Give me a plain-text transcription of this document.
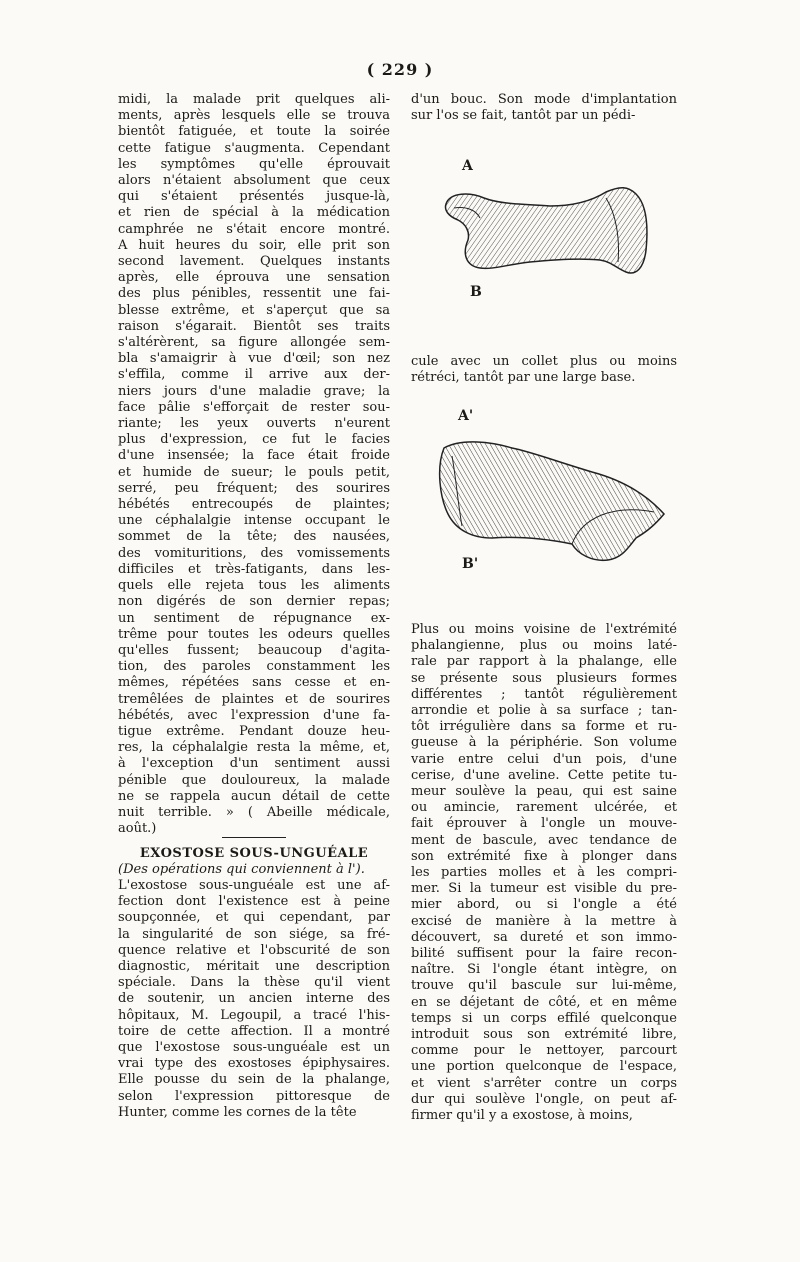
( 229 )
midi, la malade prit quelques ali-
ments, après lesquels elle se trouva
bientôt fatiguée, et toute la soirée
cette fatigue s'augmenta. Cependant
les symptômes qu'elle éprouvait
alors n'étaient absolument que ceux
qui s'étaient présentés jusque-là,
et rien de spécial à la médication
camphrée ne s'était encore montré.
A huit heures du soir, elle prit son
second lavement. Quelques instants
après, elle éprouva une sensation
des plus pénibles, ressentit une fai-
blesse extrême, et s'aperçut que sa
raison s'égarait. Bientôt ses traits
s'altérèrent, sa figure allongée sem-
bla s'amaigrir à vue d'œil; son nez
s'effila, comme il arrive aux der-
niers jours d'une maladie grave; la
face pâlie s'efforçait de rester sou-
riante; les yeux ouverts n'eurent
plus d'expression, ce fut le facies
d'une insensée; la face était froide
et humide de sueur; le pouls petit,
serré, peu fréquent; des sourires
hébétés entrecoupés de plaintes;
une céphalalgie intense occupant le
sommet de la tête; des nausées,
des vomituritions, des vomissements
difficiles et très-fatigants, dans les-
quels elle rejeta tous les aliments
non digérés de son dernier repas;
un sentiment de répugnance ex-
trême pour toutes les odeurs quelles
qu'elles fussent; beaucoup d'agita-
tion, des paroles constamment les
mêmes, répétées sans cesse et en-
tremêlées de plaintes et de sourires
hébétés, avec l'expression d'une fa-
tigue extrême. Pendant douze heu-
res, la céphalalgie resta la même, et,
à l'exception d'un sentiment aussi
pénible que douloureux, la malade
ne se rappela aucun détail de cette
nuit terrible. » ( Abeille médicale,
août.)
EXOSTOSE SOUS-UNGUÉALE
(Des opérations qui conviennent à l').
L'exostose sous-unguéale est une af-
fection dont l'existence est à peine
soupçonnée, et qui cependant, par
la singularité de son siége, sa fré-
quence relative et l'obscurité de son
diagnostic, méritait une description
spéciale. Dans la thèse qu'il vient
de soutenir, un ancien interne des
hôpitaux, M. Legoupil, a tracé l'his-
toire de cette affection. Il a montré
que l'exostose sous-unguéale est un
vrai type des exostoses épiphysaires.
Elle pousse du sein de la phalange,
selon l'expression pittoresque de
Hunter, comme les cornes de la tête
d'un bouc. Son mode d'implantation
sur l'os se fait, tantôt par un pédi-
A
B
cule avec un collet plus ou moins
rétréci, tantôt par une large base.
A'
B'
Plus ou moins voisine de l'extrémité
phalangienne, plus ou moins laté-
rale par rapport à la phalange, elle
se présente sous plusieurs formes
différentes ; tantôt régulièrement
arrondie et polie à sa surface ; tan-
tôt irrégulière dans sa forme et ru-
gueuse à la périphérie. Son volume
varie entre celui d'un pois, d'une
cerise, d'une aveline. Cette petite tu-
meur soulève la peau, qui est saine
ou amincie, rarement ulcérée, et
fait éprouver à l'ongle un mouve-
ment de bascule, avec tendance de
son extrémité fixe à plonger dans
les parties molles et à les compri-
mer. Si la tumeur est visible du pre-
mier abord, ou si l'ongle a été
excisé de manière à la mettre à
découvert, sa dureté et son immo-
bilité suffisent pour la faire recon-
naître. Si l'ongle étant intègre, on
trouve qu'il bascule sur lui-même,
en se déjetant de côté, et en même
temps si un corps effilé quelconque
introduit sous son extrémité libre,
comme pour le nettoyer, parcourt
une portion quelconque de l'espace,
et vient s'arrêter contre un corps
dur qui soulève l'ongle, on peut af-
firmer qu'il y a exostose, à moins,
